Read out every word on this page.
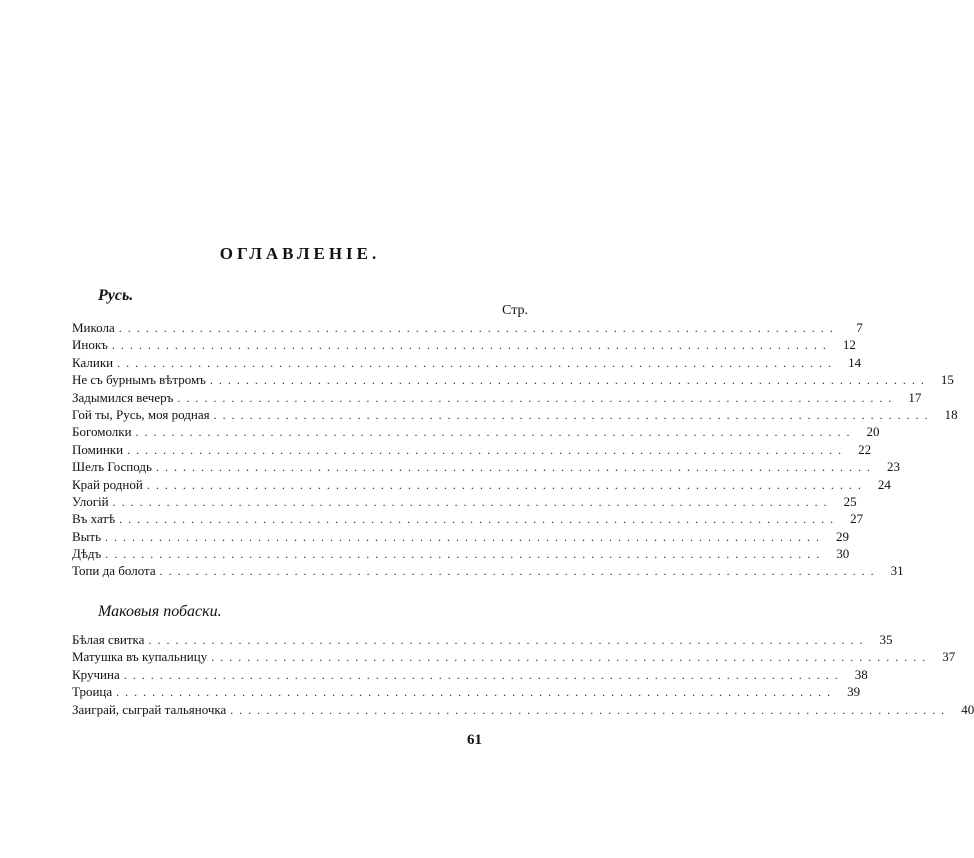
ОГЛАВЛЕНІЕ.
Русь.
Стр.
Микола ................................................................................	7
Инокъ ................................................................................ 12
Калики ................................................................................ 14
Не съ бурнымъ вѣтромъ ................................................................................ 15
Задымился вечеръ ................................................................................ 17
Гой ты, Русь, моя родная ................................................................................ 18
Богомолки ................................................................................ 20
Поминки ................................................................................ 22
Шелъ Господь ................................................................................ 23
Край родной ................................................................................ 24
Улогій ................................................................................ 25
Въ хатѣ ................................................................................ 27
Выть ................................................................................ 29
Дѣдъ ................................................................................ 30
Топи да болота ................................................................................ 31
Маковыя побаски.
Бѣлая свитка ................................................................................ 35
Матушка въ купальницу ................................................................................ 37
Кручина ................................................................................ 38
Троица ................................................................................ 39
Заиграй, сыграй тальяночка ................................................................................ 40
61
